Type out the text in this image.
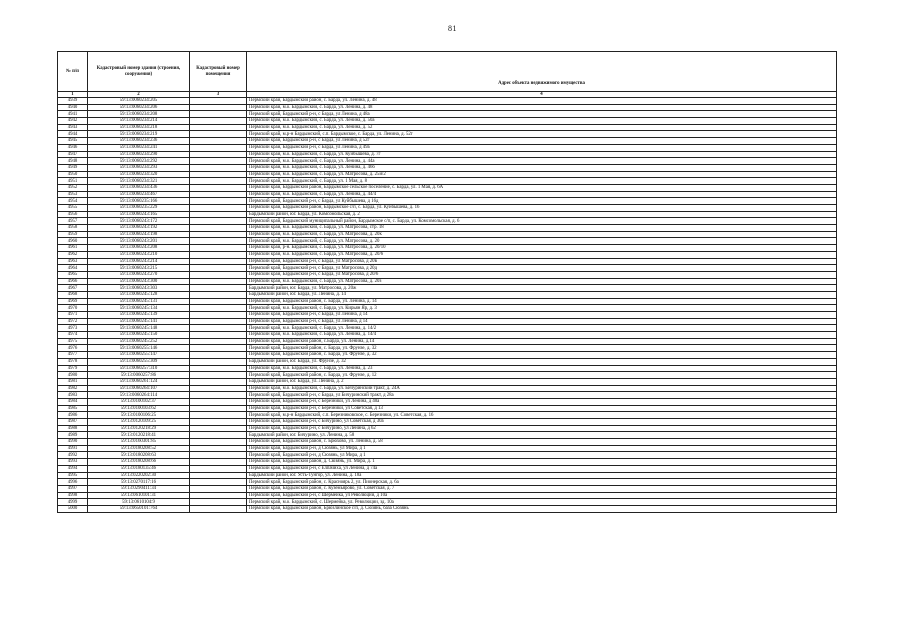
81
№ п/п	Кадастровый номер здания (строения, сооружения)	Кадастровый номер помещения	Адрес объекта недвижимого имущества
1	2	3	4
4939	59:13:0060234:205		Пермский край, Бардымский район, с. Барда, ул. Ленина, д. 48
4940	59:13:0060234:206		Пермский край, м.о. Бардымский, с. Барда, ул. Ленина, д. 48
4941	59:13:0060234:208		Пермский край, Бардымский р-н, с Барда, ул Ленина, д 48а
4942	59:13:0060234:214		Пермский край, м.о. Бардымский, с. Барда, ул. Ленина, д. 50а
4943	59:13:0060234:218		Пермский край, м.о. Бардымский, с. Барда, ул. Ленина, д. 52
4944	59:13:0060234:219		Пермский край, м.р-н Бардымский, с.п. Бардымское, с. Барда, ул. Ленина, д. 52г
4945	59:13:0060234:236		Пермский край, Бардымский р-н, с Барда, ул Ленина, д 52г
4946	59:13:0060234:241		Пермский край, Бардымский р-н, с Барда, ул Ленина, д 49а
4947	59:13:0060234:290		Пермский край, м.о. Бардымский, с. Барда, ул. Куйбышева, д. 7г
4948	59:13:0060234:292		Пермский край, м.о. Бардымский, с. Барда, ул. Ленина, д. 44а
4949	59:13:0060234:293		Пермский край, м.о. Бардымский, с. Барда, ул. Ленина, д. 46б
4950	59:13:0060234:320		Пермский край, м.о. Бардымский, с. Барда, ул. Матросова, д. 25и/2
4951	59:13:0060234:321		Пермский край, м.о. Бардымский, с. Барда, ул. 1 Мая, д. 8
4952	59:13:0060234:436		Пермский край, Бардымский район, Бардымское сельское поселение, с. Барда, ул. 1 Мая, д. 6А
4953	59:13:0060234:467		Пермский край, м.о. Бардымский, с. Барда, ул. Ленина, д. 44/4
4954	59:13:0060235:166		Пермский край, Бардымский р-н, с Барда, ул Куйбышева, д 16д
4955	59:13:0060235:229		Пермский край, Бардымский район, Бардымское с/п, с. Барда, ул. Куйбышева, д. 16
4956	59:13:0060243:165		Бардымский район, юг. Барда, ул. Комсомольская, д. 2
4957	59:13:0060243:172		Пермский край, Бардымский муниципальный район, Бардымское с/п, с. Барда, ул. Комсомольская, д. 6
4958	59:13:0060243:192		Пермский край, м.о. Бардымский, с. Барда, ул. Матросова, стр. 18
4959	59:13:0060243:198		Пермский край, м.о. Бардымский, с. Барда, ул. Матросова, д. 20к
4960	59:13:0060243:201		Пермский край, м.о. Бардымский, с. Барда, ул. Матросова, д. 20
4961	59:13:0060243:208		Пермский край, р-н. Бардымский, с. Барда, ул. Матросова, д. 20/10
4962	59:13:0060243:210		Пермский край, м.о. Бардымский, с. Барда, ул. Матросова, д. 20/6
4963	59:13:0060243:214		Пермский край, Бардымский р-н, с Барда, ул Матросова, д 20в
4964	59:13:0060243:215		Пермский край, Бардымский р-н, с Барда, ул Матросова, д 20д
4965	59:13:0060243:270		Пермский край, Бардымский р-н, с Барда, ул Матросова, д 20/6
4966	59:13:0060243:300		Пермский край, м.о. Бардымский, с. Барда, ул. Матросова, д. 20з
4967	59:13:0060243:303		Бардымский район, юг. Барда, ул. Матросова, д. 20ж
4968	59:13:0060245:128		Бардымский район, юг. Барда, ул. Ленина, д. 14
4969	59:13:0060245:131		Пермский край, Бардымский район, с. Барда, ул. Ленина, д. 14
4970	59:13:0060245:134		Пермский край, м.о. Бардымский, с. Барда, ул. Кирьян Яр, д. 3
4971	59:13:0060245:139		Пермский край, Бардымский р-н, с Барда, ул Ленина, д 14
4972	59:13:0060245:141		Пермский край, Бардымский р-н, с Барда, ул Ленина, д 14
4973	59:13:0060245:148		Пермский край, м.о. Бардымский, с. Барда, ул. Ленина, д. 14/2
4974	59:13:0060245:150		Пермский край, м.о. Бардымский, с. Барда, ул. Ленина, д. 14/4
4975	59:13:0060245:252		Пермский край, Бардымский район, с.Барда, ул. Ленина, д.14
4976	59:13:0060255:146		Пермский край, Бардымский район, с. Барда, ул. Фрунзе, д. 32
4977	59:13:0060255:147		Пермский край, Бардымский район, с. Барда, ул. Фрунзе, д. 32
4978	59:13:0060255:309		Бардымский район, юг. Барда, ул. Фрунзе, д. 32
4979	59:13:0060257:310		Пермский край, м.о. Бардымский, с. Барда, ул. Ленина, д. 23
4980	59:13:0060257:86		Пермский край, Бардымский район, с. Барда, ул. Фрунзе, д. 12
4981	59:13:0060261:124		Бардымский район, юг. Барда, ул. Ленина, д. 2
4982	59:13:0060264:107		Пермский край, м.о. Бардымский, с. Барда, ул. Бичуринский тракт, д. 24А
4983	59:13:0060264:114		Пермский край, Бардымский р-н, с Барда, ул Бичуринский тракт, д 28а
4984	59:13:0100102:37		Пермский край, Бардымский р-н, с Березники, ул Ленина, д 40а
4985	59:13:0100103:62		Пермский край, Бардымский р-н, с Березники, ул Советская, д 13
4986	59:13:0100106:25		Пермский край, м.р-н Бардымский, с.п. Березниковское, с. Березники, ул. Советская, д. 16
4987	59:13:0120109:25		Пермский край, Бардымский р-н, с Бичурино, ул Советская, д 30а
4988	59:13:0120218:29		Пермский край, Бардымский р-н, с Бичурино, ул Ленина, д 62
4989	59:13:0120218:41		Бардымский район, юг. Бичурино, ул. Ленина, д. 58
4990	59:13:0160301:85		Пермский край, Бардымский район, с. Брюхово, ул. Ленина, д. 58
4991	59:13:0180208:52		Пермский край, Бардымский р-н, д Сюзянь, ул Мира, д 1
4992	59:13:0180208:63		Пермский край, Бардымский р-н, д Сюзянь, ул Мира, д 1
4993	59:13:0180208:66		Пермский край, Бардымский район, д. Сюзянь, ул. Мира, д. 1
4994	59:13:0180135:46		Пермский край, Бардымский р-н, с Елпачиха, ул Ленина, д 74а
4995	59:13:0220202:30		Бардымский район, юг. Усть-Тунгор, ул. Ленина, д. 18а
4996	59:13:0270117:16		Пермский край, Бардымский район, с. Красноярь 2, ул. Пионерская, д. 6а
4997	59:13:0290411:34		Пермский край, Бардымский район, с. Куземьярово, ул. Советская, д. 7
4998	59:13:0610101:31		Пермский край, Бардымский р-н, с Шермейка, ул Революции, д 10а
4999	59:13:0610104:9		Пермский край, м.о. Бардымский, с. Шермейка, ул. Революции, зд. 10а
5000	59:13:0650101:764		Пермский край, Бардымский район, Брюзлинское с/п, д. Сюзянь, база Сюзянь
